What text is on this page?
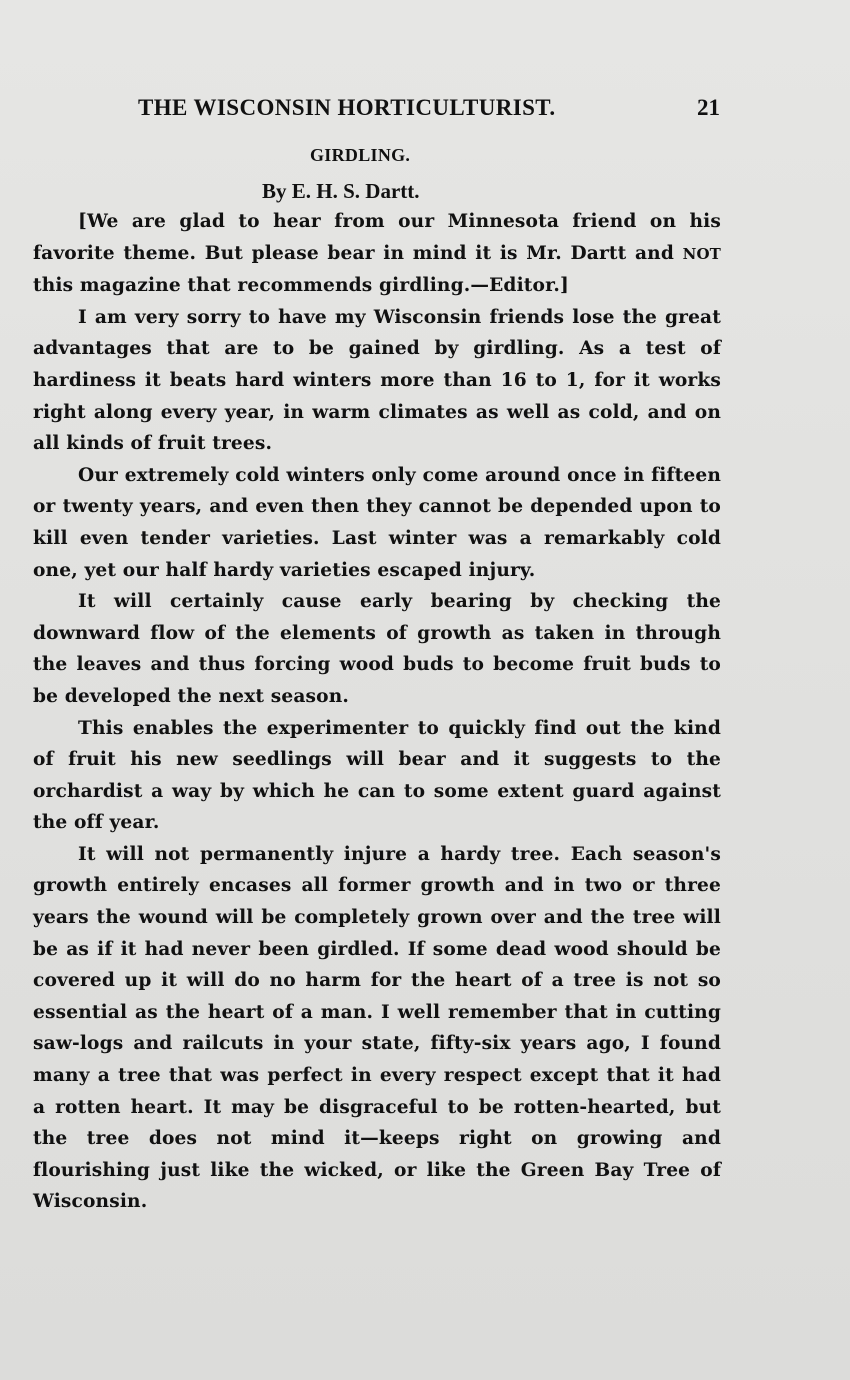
THE WISCONSIN HORTICULTURIST.	21
GIRDLING.
By E. H. S. Dartt.

[We are glad to hear from our Minnesota friend on his favorite theme. But please bear in mind it is Mr. Dartt and NOT this magazine that recommends girdling.—Editor.]

I am very sorry to have my Wisconsin friends lose the great advantages that are to be gained by girdling. As a test of hardiness it beats hard winters more than 16 to 1, for it works right along every year, in warm climates as well as cold, and on all kinds of fruit trees.

Our extremely cold winters only come around once in fifteen or twenty years, and even then they cannot be depended upon to kill even tender varieties. Last winter was a remarkably cold one, yet our half hardy varieties escaped injury.

It will certainly cause early bearing by checking the downward flow of the elements of growth as taken in through the leaves and thus forcing wood buds to become fruit buds to be developed the next season.

This enables the experimenter to quickly find out the kind of fruit his new seedlings will bear and it suggests to the orchardist a way by which he can to some extent guard against the off year.

It will not permanently injure a hardy tree. Each season's growth entirely encases all former growth and in two or three years the wound will be completely grown over and the tree will be as if it had never been girdled. If some dead wood should be covered up it will do no harm for the heart of a tree is not so essential as the heart of a man. I well remember that in cutting saw-logs and railcuts in your state, fifty-six years ago, I found many a tree that was perfect in every respect except that it had a rotten heart. It may be disgraceful to be rotten-hearted, but the tree does not mind it—keeps right on growing and flourishing just like the wicked, or like the Green Bay Tree of Wisconsin.
